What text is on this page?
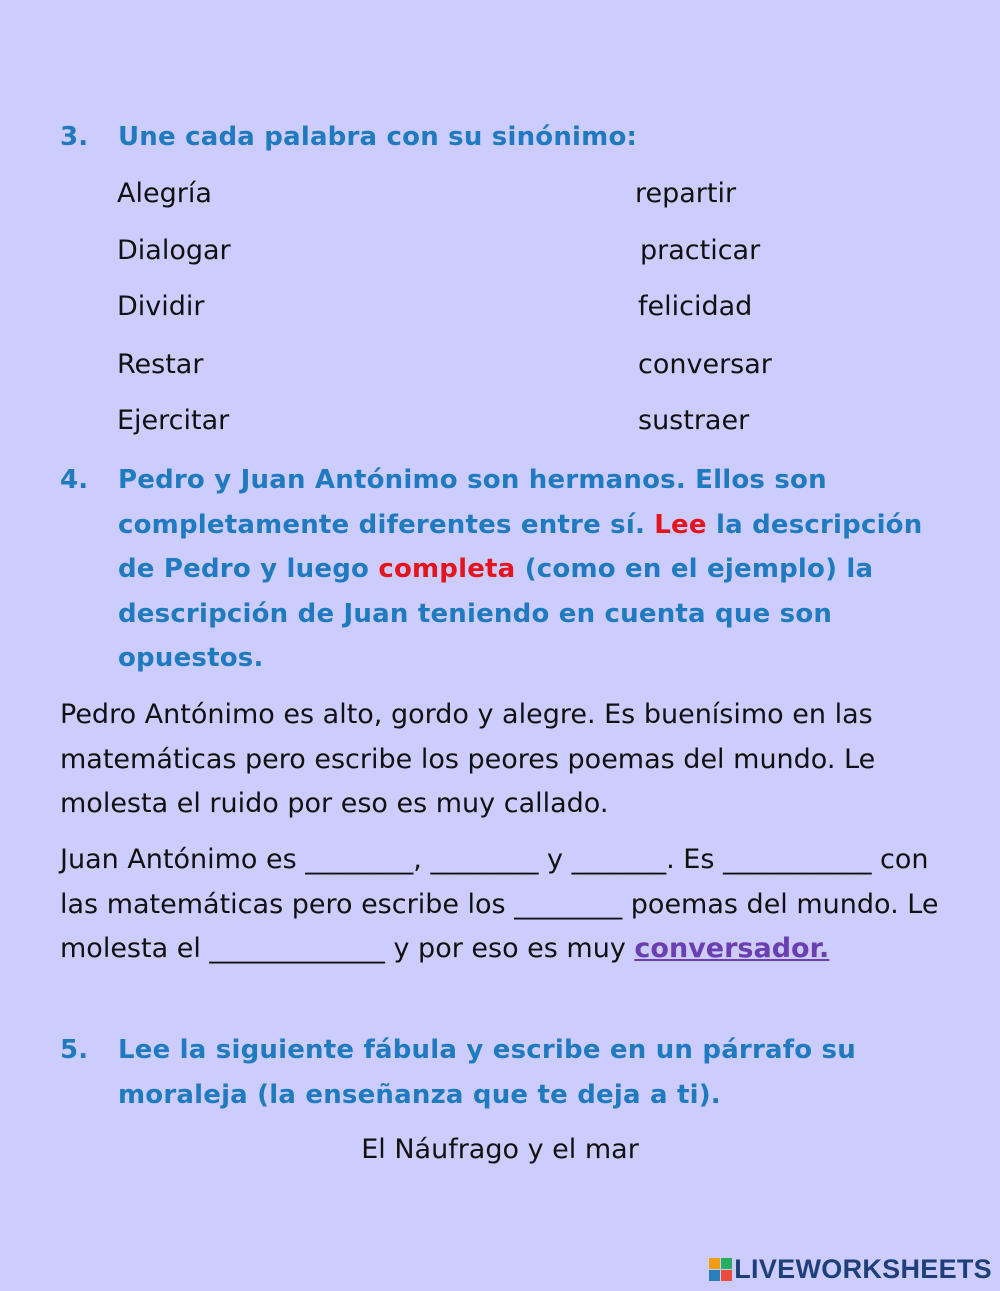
3. Une cada palabra con su sinónimo:
Alegría
Dialogar
Dividir
Restar
Ejercitar
repartir
practicar
felicidad
conversar
sustraer
4. Pedro y Juan Antónimo son hermanos. Ellos son completamente diferentes entre sí. Lee la descripción de Pedro y luego completa (como en el ejemplo) la descripción de Juan teniendo en cuenta que son opuestos.
Pedro Antónimo es alto, gordo y alegre. Es buenísimo en las matemáticas pero escribe los peores poemas del mundo. Le molesta el ruido por eso es muy callado.
Juan Antónimo es ________, ________ y _______. Es ___________ con las matemáticas pero escribe los ________ poemas del mundo. Le molesta el _____________ y por eso es muy conversador.
5. Lee la siguiente fábula y escribe en un párrafo su moraleja (la enseñanza que te deja a ti).
El Náufrago y el mar
LIVEWORKSHEETS
